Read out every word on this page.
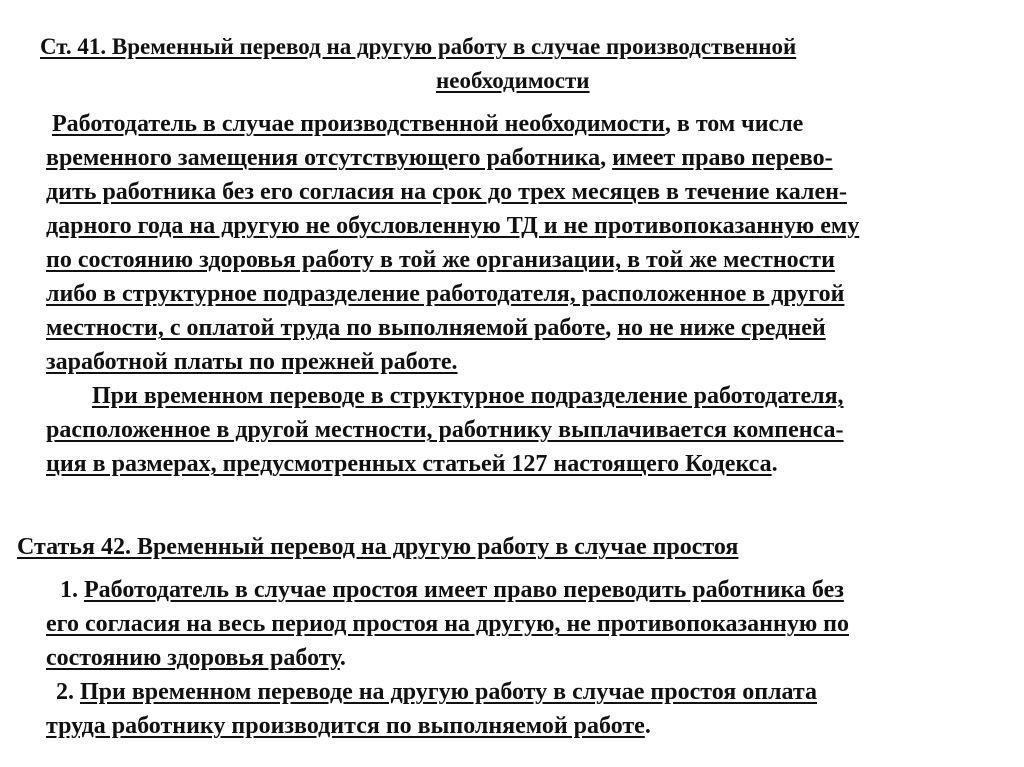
Ст. 41. Временный перевод на другую работу в случае производственной
необходимости
Работодатель в случае производственной необходимости, в том числе
временного замещения отсутствующего работника, имеет право перево-
дить работника без его согласия на срок до трех месяцев в течение кален-
дарного года на другую не обусловленную ТД и не противопоказанную ему
по состоянию здоровья работу в той же организации, в той же местности
либо в структурное подразделение работодателя, расположенное в другой
местности, с оплатой труда по выполняемой работе, но не ниже средней
заработной платы по прежней работе.
При временном переводе в структурное подразделение работодателя,
расположенное в другой местности, работнику выплачивается компенса-
ция в размерах, предусмотренных статьей 127 настоящего Кодекса.
Статья 42. Временный перевод на другую работу в случае простоя
1. Работодатель в случае простоя имеет право переводить работника без
его согласия на весь период простоя на другую, не противопоказанную по
состоянию здоровья работу.
2. При временном переводе на другую работу в случае простоя оплата
труда работнику производится по выполняемой работе.
